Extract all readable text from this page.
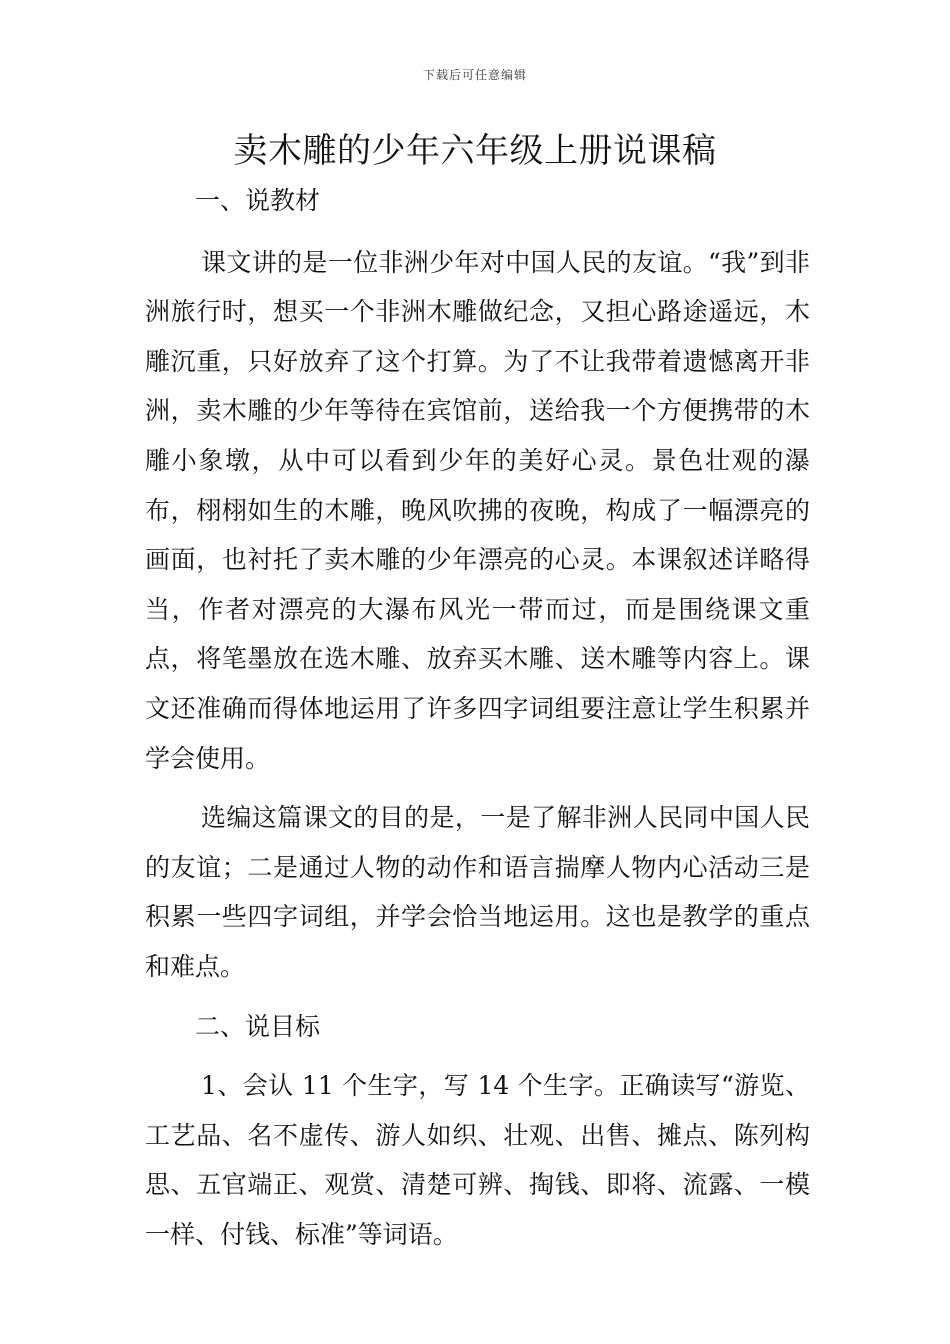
下载后可任意编辑
卖木雕的少年六年级上册说课稿

一、说教材

课文讲的是一位非洲少年对中国人民的友谊。“我”到非洲旅行时，想买一个非洲木雕做纪念，又担心路途遥远，木雕沉重，只好放弃了这个打算。为了不让我带着遗憾离开非洲，卖木雕的少年等待在宾馆前，送给我一个方便携带的木雕小象墩，从中可以看到少年的美好心灵。景色壮观的瀑布，栩栩如生的木雕，晚风吹拂的夜晚，构成了一幅漂亮的画面，也衬托了卖木雕的少年漂亮的心灵。本课叙述详略得当，作者对漂亮的大瀑布风光一带而过，而是围绕课文重点，将笔墨放在选木雕、放弃买木雕、送木雕等内容上。课文还准确而得体地运用了许多四字词组要注意让学生积累并学会使用。

选编这篇课文的目的是，一是了解非洲人民同中国人民的友谊；二是通过人物的动作和语言揣摩人物内心活动三是积累一些四字词组，并学会恰当地运用。这也是教学的重点和难点。

二、说目标

1、会认 11 个生字，写 14 个生字。正确读写“游览、工艺品、名不虚传、游人如织、壮观、出售、摊点、陈列构思、五官端正、观赏、清楚可辨、掏钱、即将、流露、一模一样、付钱、标准”等词语。
